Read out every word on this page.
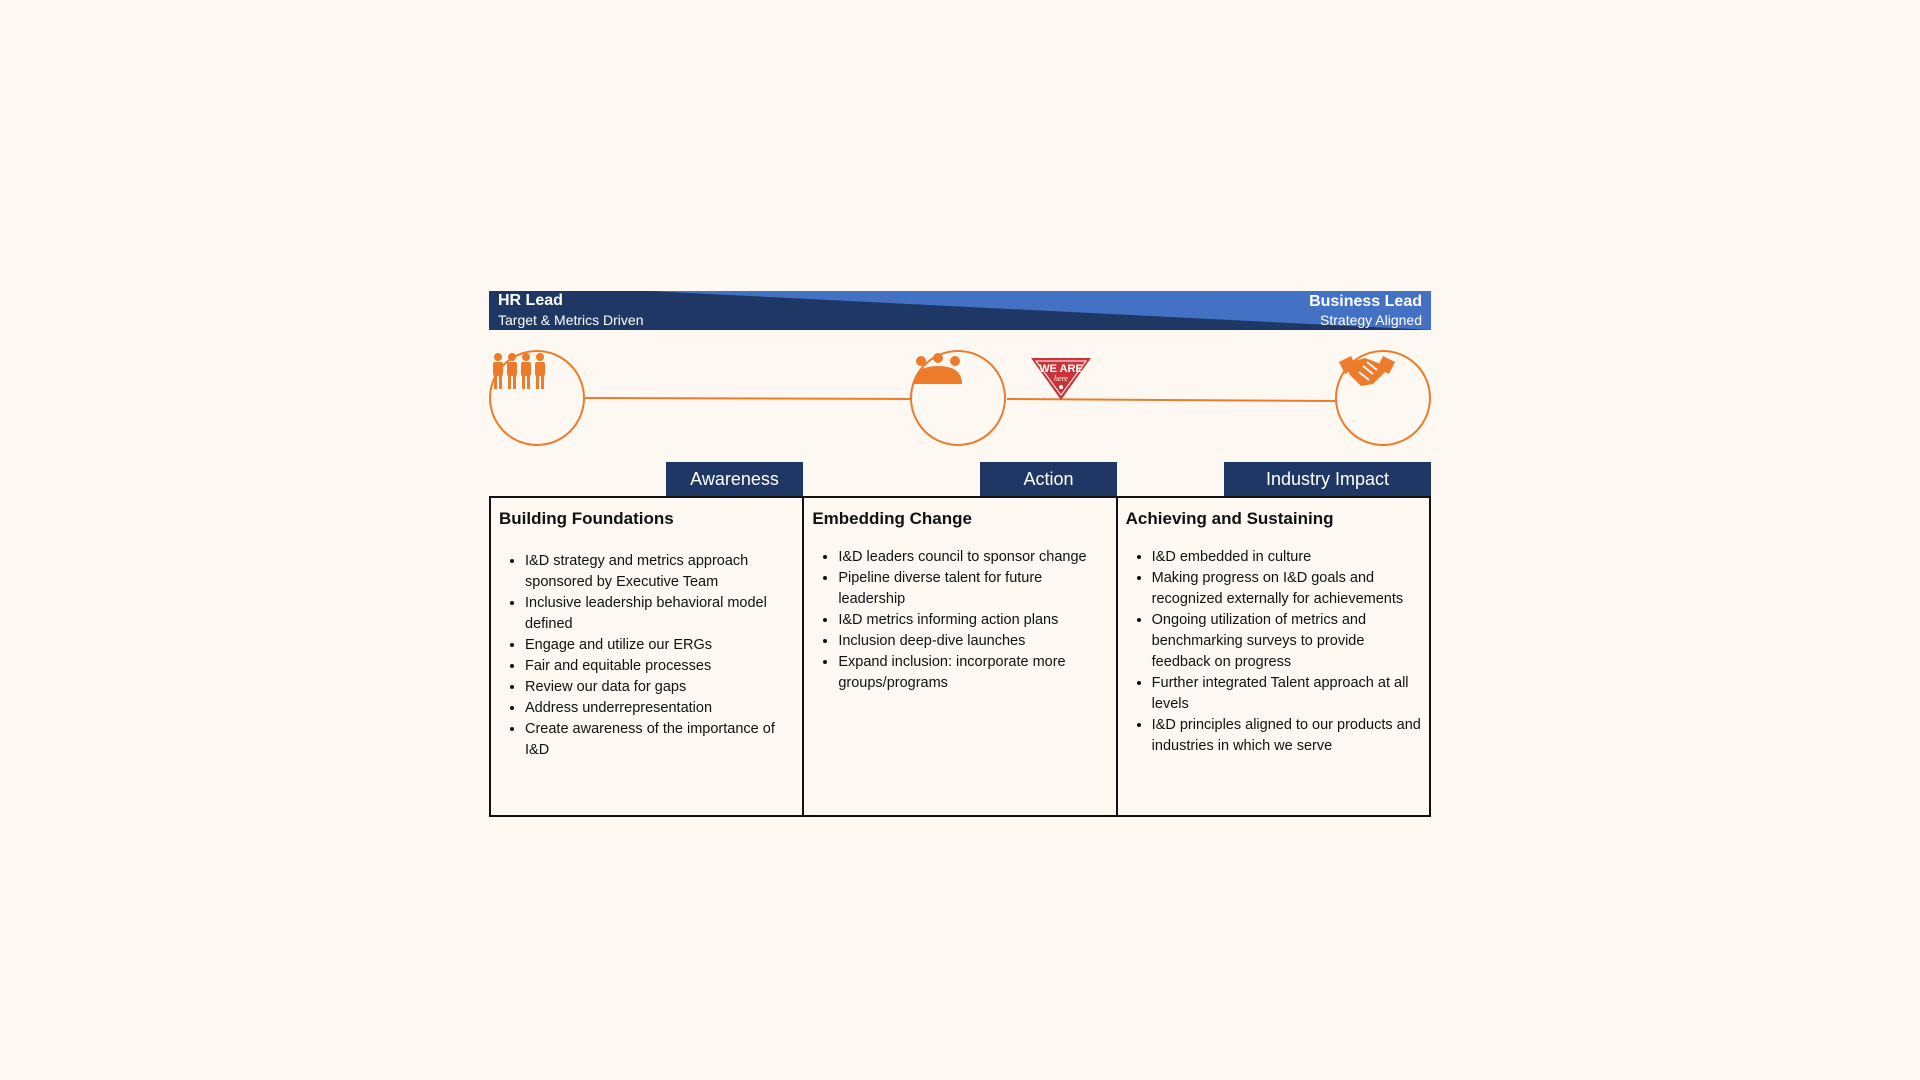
HR Lead
Target & Metrics Driven
Business Lead
Strategy Aligned
WE ARE
here
Awareness	Action	Industry Impact
Building Foundations
• I&D strategy and metrics approach sponsored by Executive Team
• Inclusive leadership behavioral model defined
• Engage and utilize our ERGs
• Fair and equitable processes
• Review our data for gaps
• Address underrepresentation
• Create awareness of the importance of I&D
Embedding Change
• I&D leaders council to sponsor change
• Pipeline diverse talent for future leadership
• I&D metrics informing action plans
• Inclusion deep-dive launches
• Expand inclusion: incorporate more groups/programs
Achieving and Sustaining
• I&D embedded in culture
• Making progress on I&D goals and recognized externally for achievements
• Ongoing utilization of metrics and benchmarking surveys to provide feedback on progress
• Further integrated Talent approach at all levels
• I&D principles aligned to our products and industries in which we serve
